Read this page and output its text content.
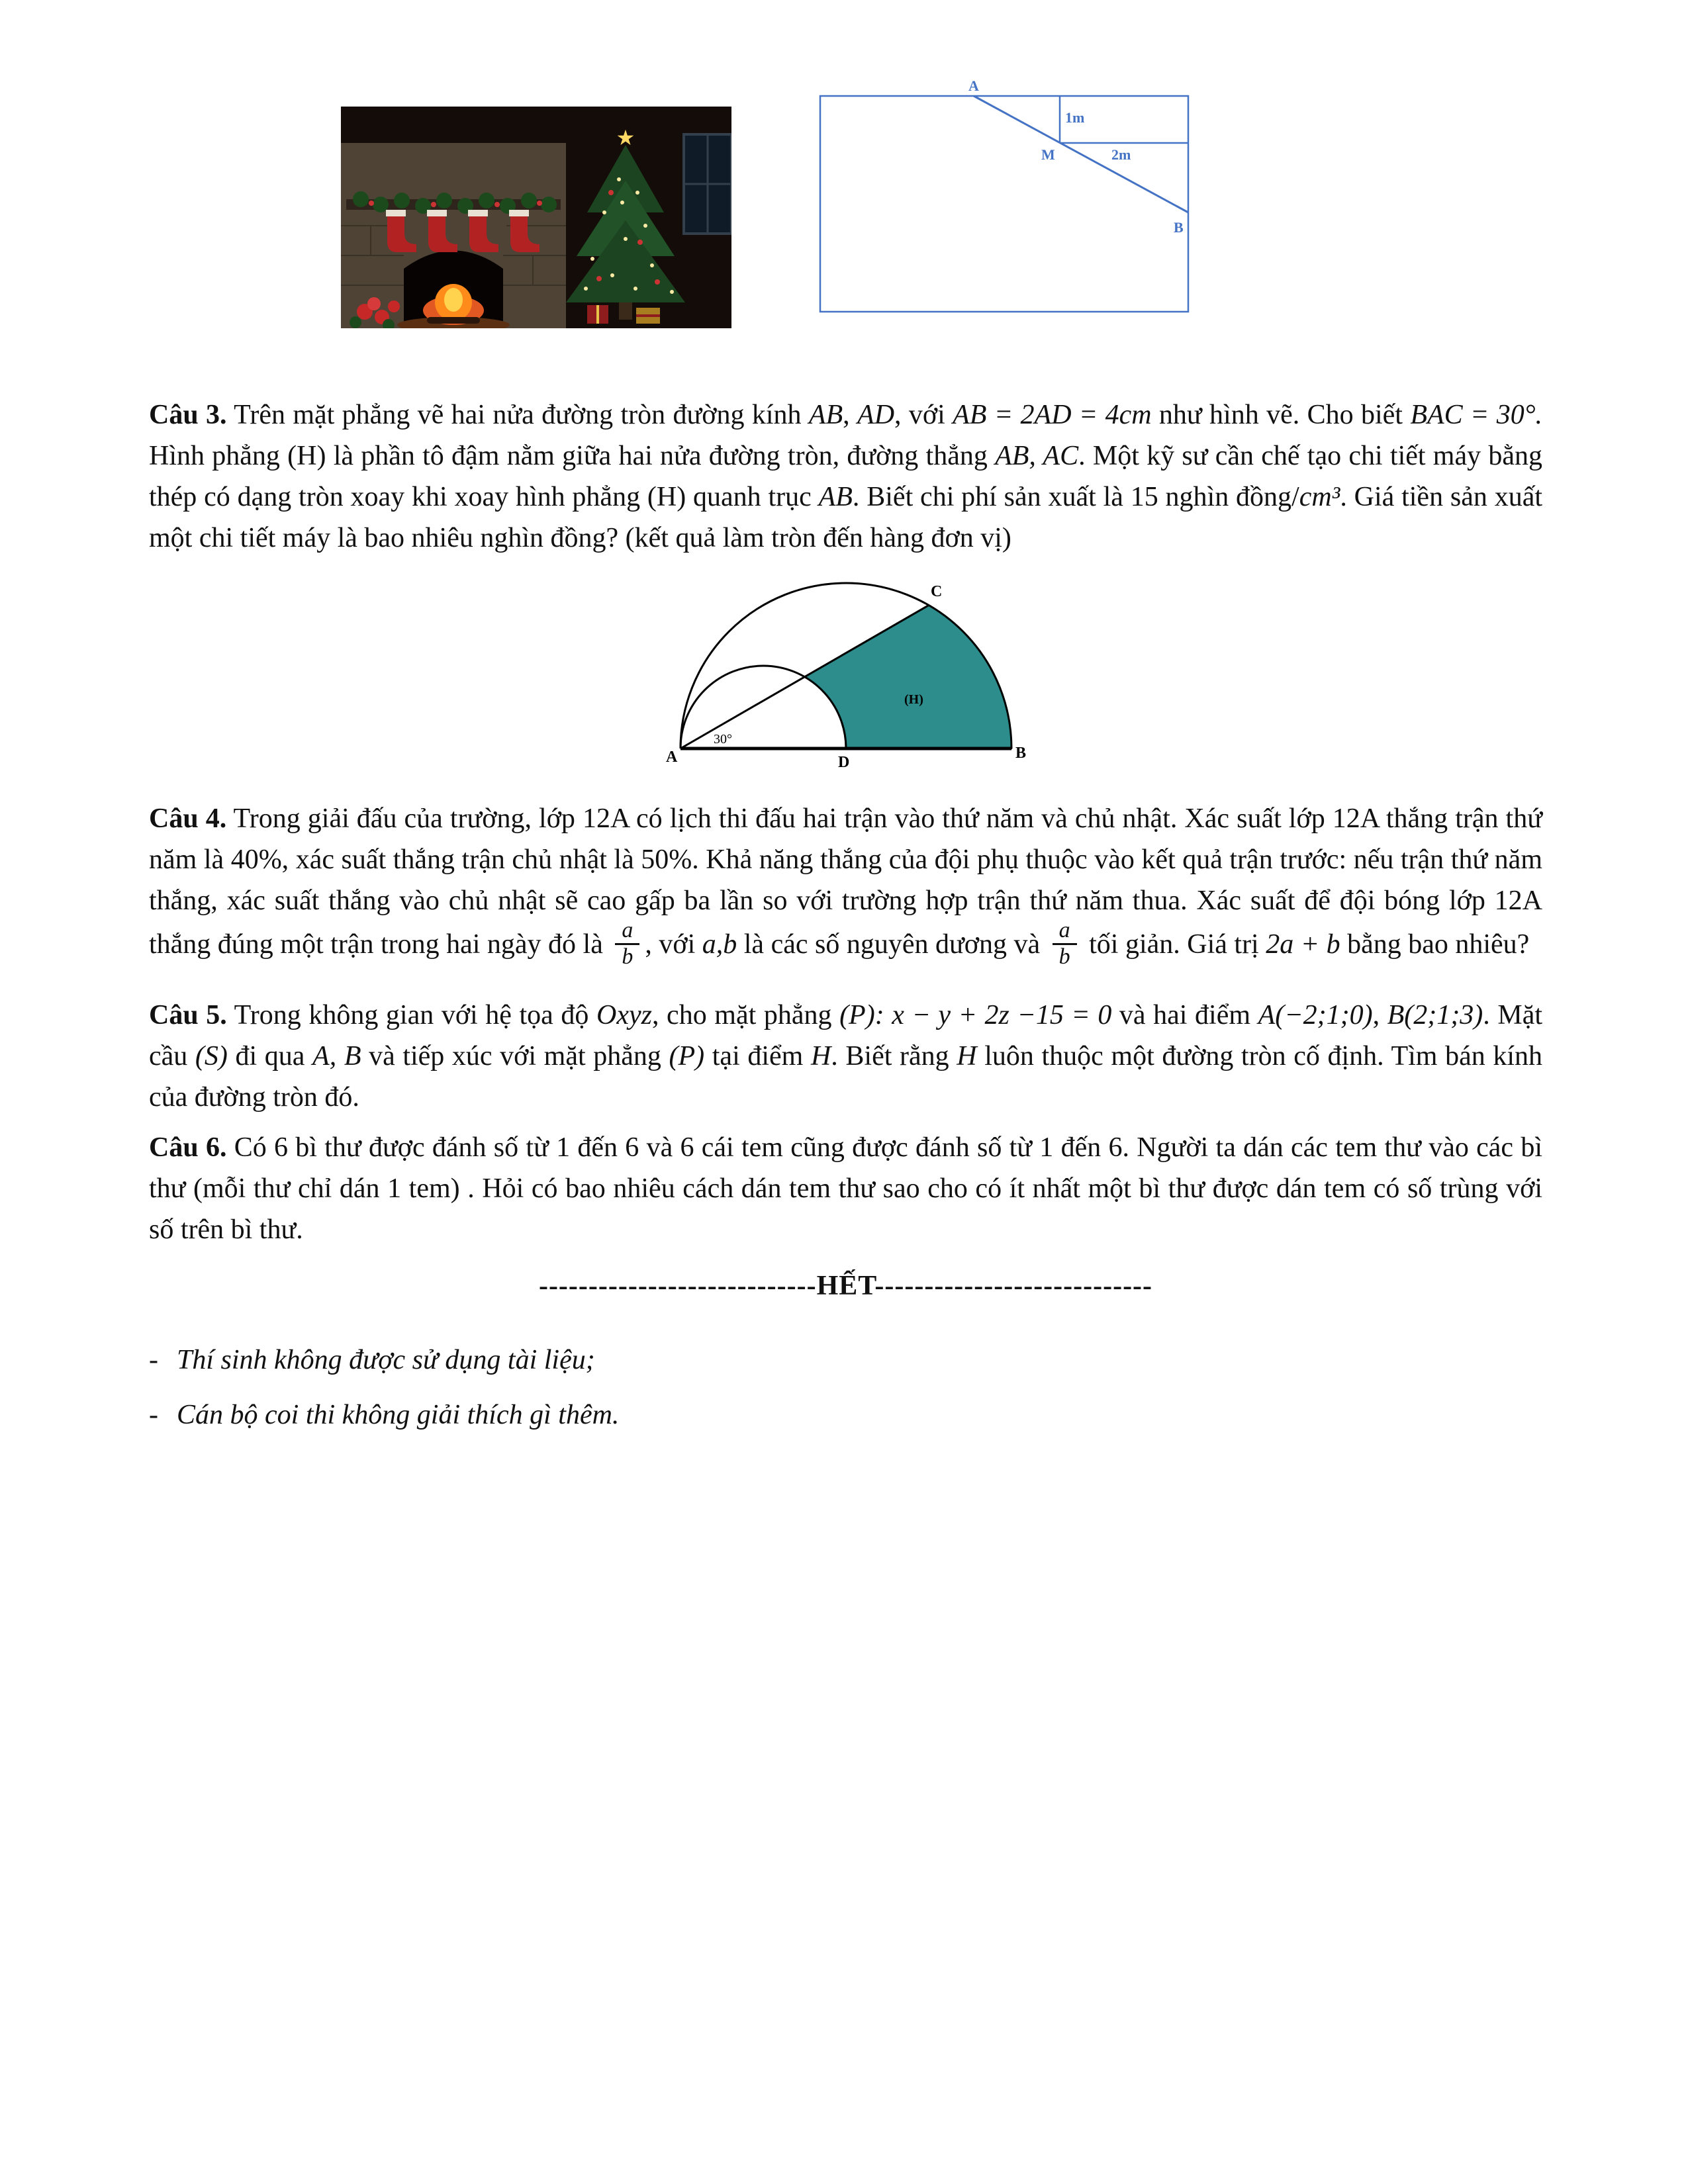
★
A
B
M
1m
2m

Câu 3. Trên mặt phẳng vẽ hai nửa đường tròn đường kính AB, AD, với AB = 2AD = 4cm như hình vẽ. Cho biết BAC = 30°. Hình phẳng (H) là phần tô đậm nằm giữa hai nửa đường tròn, đường thẳng AB, AC. Một kỹ sư cần chế tạo chi tiết máy bằng thép có dạng tròn xoay khi xoay hình phẳng (H) quanh trục AB. Biết chi phí sản xuất là 15 nghìn đồng/cm³. Giá tiền sản xuất một chi tiết máy là bao nhiêu nghìn đồng? (kết quả làm tròn đến hàng đơn vị)

A	B
C
D
30°
(H)

Câu 4. Trong giải đấu của trường, lớp 12A có lịch thi đấu hai trận vào thứ năm và chủ nhật. Xác suất lớp 12A thắng trận thứ năm là 40%, xác suất thắng trận chủ nhật là 50%. Khả năng thắng của đội phụ thuộc vào kết quả trận trước: nếu trận thứ năm thắng, xác suất thắng vào chủ nhật sẽ cao gấp ba lần so với trường hợp trận thứ năm thua. Xác suất để đội bóng lớp 12A thắng đúng một trận trong hai ngày đó là $\frac{a}{b}$ , với a,b là các số nguyên dương và $\frac{a}{b}$ tối giản. Giá trị 2a + b bằng bao nhiêu?

Câu 5. Trong không gian với hệ tọa độ Oxyz, cho mặt phẳng (P): x − y + 2z −15 = 0 và hai điểm A(−2;1;0), B(2;1;3). Mặt cầu (S) đi qua A, B và tiếp xúc với mặt phẳng (P) tại điểm H. Biết rằng H luôn thuộc một đường tròn cố định. Tìm bán kính của đường tròn đó.

Câu 6. Có 6 bì thư được đánh số từ 1 đến 6 và 6 cái tem cũng được đánh số từ 1 đến 6. Người ta dán các tem thư vào các bì thư (mỗi thư chỉ dán 1 tem) . Hỏi có bao nhiêu cách dán tem thư sao cho có ít nhất một bì thư được dán tem có số trùng với số trên bì thư.

----------------------------HẾT----------------------------
- Thí sinh không được sử dụng tài liệu;
- Cán bộ coi thi không giải thích gì thêm.
